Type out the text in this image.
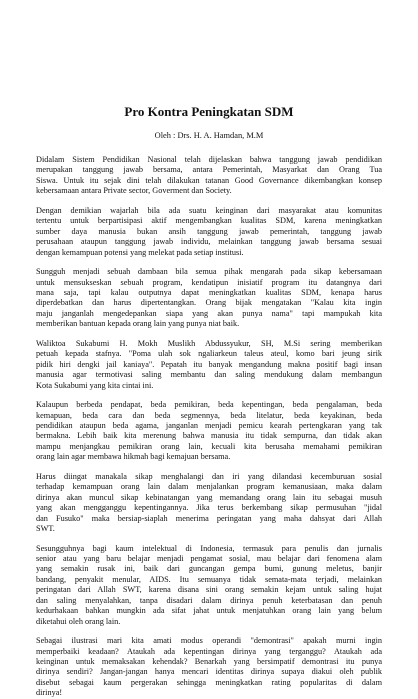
Pro Kontra Peningkatan SDM

Oleh : Drs. H. A. Hamdan, M.M

Didalam Sistem Pendidikan Nasional telah dijelaskan bahwa tanggung jawab pendidikan
merupakan tanggung jawab bersama, antara Pemerintah, Masyarkat dan Orang Tua
Siswa. Untuk itu sejak dini telah dilakukan tatanan Good Governance dikembangkan konsep
kebersamaan antara Private sector, Goverment dan Society.

Dengan demikian wajarlah bila ada suatu keinginan dari masyarakat atau komunitas
tertentu untuk berpartisipasi aktif mengembangkan kualitas SDM, karena meningkatkan
sumber daya manusia bukan ansih tanggung jawab pemerintah, tanggung jawab
perusahaan ataupun tanggung jawab individu, melainkan tanggung jawab bersama sesuai
dengan kemampuan potensi yang melekat pada setiap institusi.

Sungguh menjadi sebuah dambaan bila semua pihak mengarah pada sikap kebersamaan
untuk mensukseskan sebuah program, kendatipun inisiatif program itu datangnya dari
mana saja, tapi kalau outputnya dapat meningkatkan kualitas SDM, kenapa harus
diperdebatkan dan harus dipertentangkan. Orang bijak mengatakan "Kalau kita ingin
maju janganlah mengedepankan siapa yang akan punya nama" tapi mampukah kita
memberikan bantuan kepada orang lain yang punya niat baik.

Waliktoa Sukabumi H. Mokh Muslikh Abdussyukur, SH, M.Si sering memberikan
petuah kepada stafnya. "Poma ulah sok ngaliarkeun taleus ateul, komo bari jeung sirik
pidik hiri dengki jail kaniaya". Pepatah itu banyak mengandung makna positif bagi insan
manusia agar termotivasi saling membantu dan saling mendukung dalam membangun
Kota Sukabumi yang kita cintai ini.

Kalaupun berbeda pendapat, beda pemikiran, beda kepentingan, beda pengalaman, beda
kemapuan, beda cara dan beda segmennya, beda litelatur, beda keyakinan, beda
pendidikan ataupun beda agama, janganlan menjadi pemicu kearah pertengkaran yang tak
bermakna. Lebih baik kita merenung bahwa manusia itu tidak sempurna, dan tidak akan
mampu menjangkau pemikiran orang lain, kecuali kita berusaha memahami pemikiran
orang lain agar membawa hikmah bagi kemajuan bersama.

Harus diingat manakala sikap menghalangi dan iri yang dilandasi kecemburuan sosial
terhadap kemampuan orang lain dalam menjalankan program kemanusiaan, maka dalam
dirinya akan muncul sikap kebinatangan yang memandang orang lain itu sebagai musuh
yang akan mengganggu kepentingannya. Jika terus berkembang sikap permusuhan "jidal
dan Fusuko" maka bersiap-siaplah menerima peringatan yang maha dahsyat dari Allah
SWT.

Sesungguhnya bagi kaum intelektual di Indonesia, termasuk para penulis dan jurnalis
senior atau yang baru belajar menjadi pengamat sosial, mau belajar dari fenomena alam
yang semakin rusak ini, baik dari guncangan gempa bumi, gunung meletus, banjir
bandang, penyakit menular, AIDS. Itu semuanya tidak semata-mata terjadi, melainkan
peringatan dari Allah SWT, karena disana sini orang semakin kejam untuk saling hujat
dan saling menyalahkan, tanpa disadari dalam dirinya penuh keterbatasan dan penuh
kedurhakaan bahkan mungkin ada sifat jahat untuk menjatuhkan orang lain yang belum
diketahui oleh orang lain.

Sebagai ilustrasi mari kita amati modus operandi "demontrasi" apakah murni ingin
memperbaiki keadaan? Ataukah ada kepentingan dirinya yang terganggu? Ataukah ada
keinginan untuk memaksakan kehendak? Benarkah yang bersimpatif demontrasi itu punya
dirinya sendiri? Jangan-jangan hanya mencari identitas dirinya supaya diakui oleh publik
disebut sebagai kaum pergerakan sehingga meningkatkan rating popularitas di dalam
dirinya!
